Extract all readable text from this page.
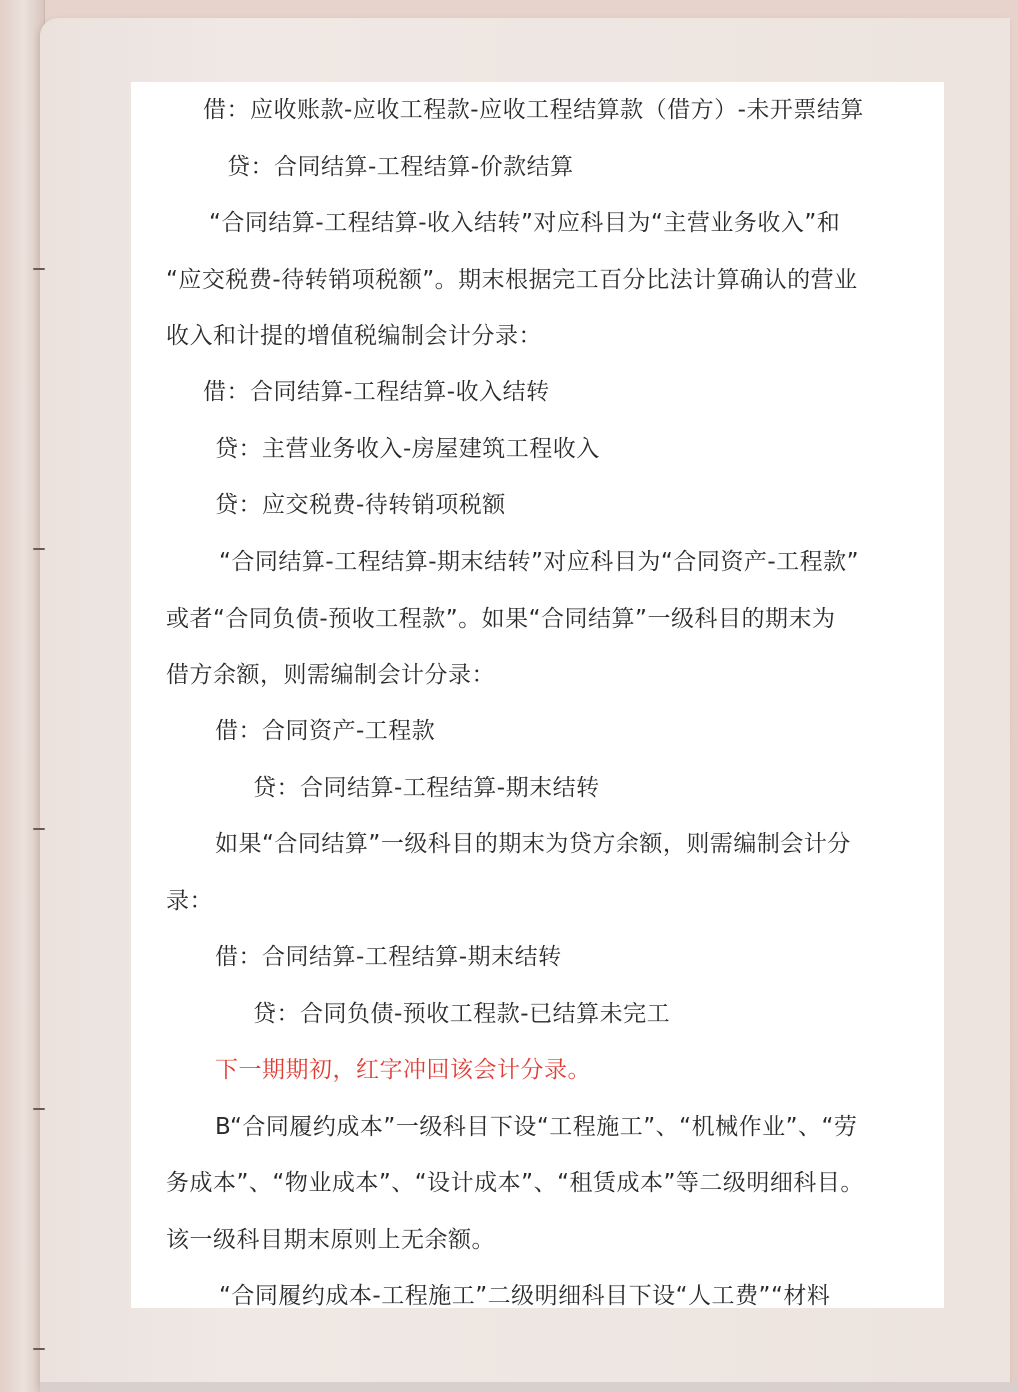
借：应收账款-应收工程款-应收工程结算款（借方）-未开票结算
贷：合同结算-工程结算-价款结算
“合同结算-工程结算-收入结转”对应科目为“主营业务收入”和
“应交税费-待转销项税额”。期末根据完工百分比法计算确认的营业
收入和计提的增值税编制会计分录：
借：合同结算-工程结算-收入结转
贷：主营业务收入-房屋建筑工程收入
贷：应交税费-待转销项税额
“合同结算-工程结算-期末结转”对应科目为“合同资产-工程款”
或者“合同负债-预收工程款”。如果“合同结算”一级科目的期末为
借方余额，则需编制会计分录：
借：合同资产-工程款
贷：合同结算-工程结算-期末结转
如果“合同结算”一级科目的期末为贷方余额，则需编制会计分
录：
借：合同结算-工程结算-期末结转
贷：合同负债-预收工程款-已结算未完工
下一期期初，红字冲回该会计分录。
B“合同履约成本”一级科目下设“工程施工”、“机械作业”、“劳
务成本”、“物业成本”、“设计成本”、“租赁成本”等二级明细科目。
该一级科目期末原则上无余额。
“合同履约成本-工程施工”二级明细科目下设“人工费”“材料
